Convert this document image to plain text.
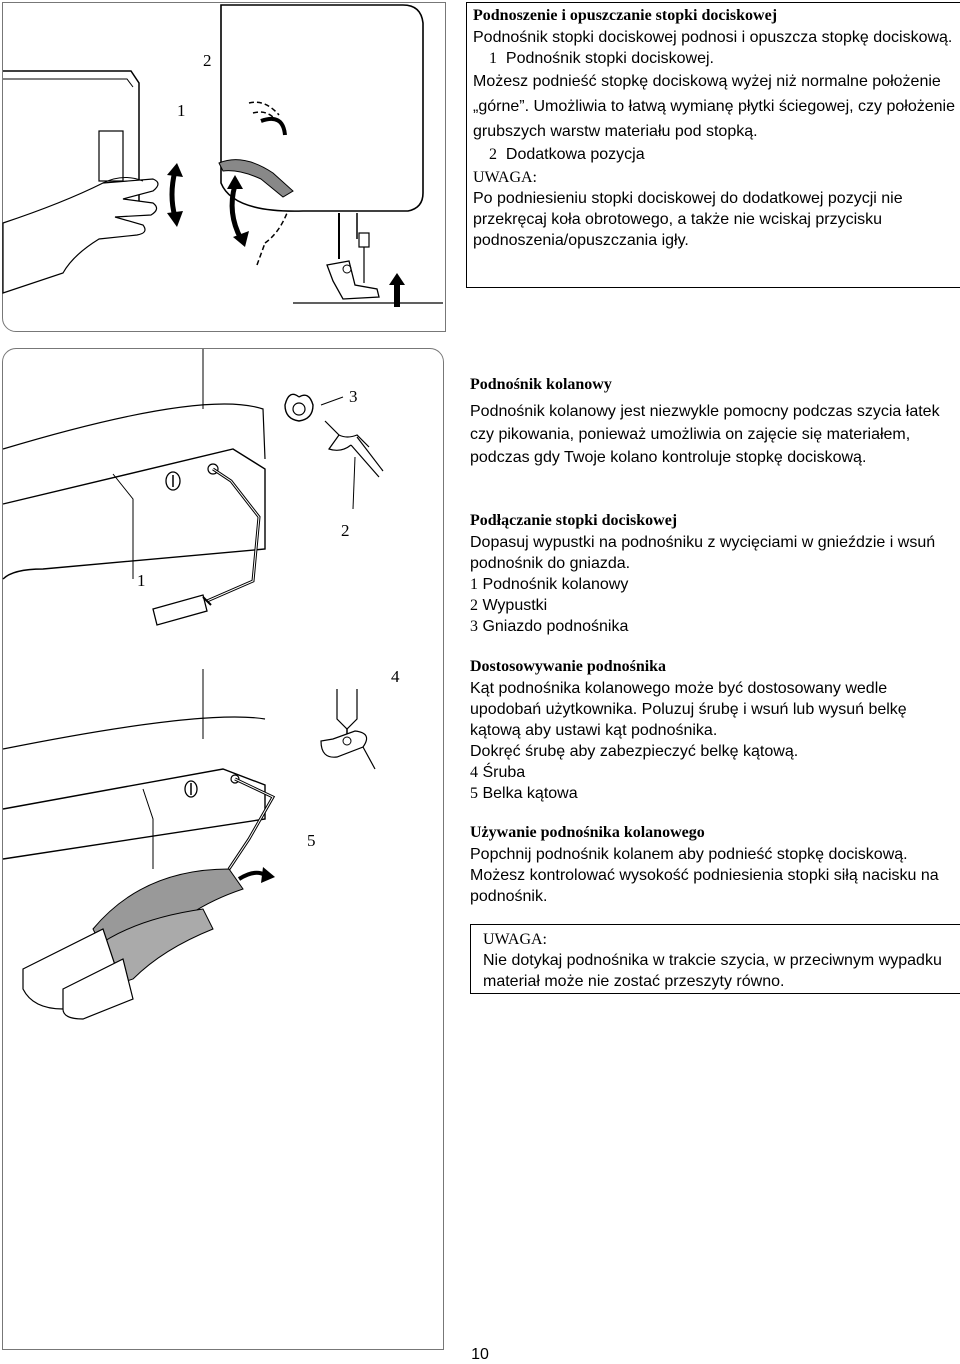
1
2

Podnoszenie i opuszczanie stopki dociskowej

Podnośnik stopki dociskowej podnosi i opuszcza stopkę dociskową.

1 Podnośnik stopki dociskowej.

Możesz podnieść stopkę dociskową wyżej niż normalne położenie „górne”. Umożliwia to łatwą wymianę płytki ściegowej, czy położenie grubszych warstw materiału pod stopką.

2 Dodatkowa pozycja

UWAGA:

Po podniesieniu stopki dociskowej do dodatkowej pozycji nie przekręcaj koła obrotowego, a także nie wciskaj przycisku podnoszenia/opuszczania igły.

1
2
3
4
5

Podnośnik kolanowy

Podnośnik kolanowy jest niezwykle pomocny podczas szycia łatek czy pikowania, ponieważ umożliwia on zajęcie się materiałem, podczas gdy Twoje kolano kontroluje stopkę dociskową.

Podłączanie stopki dociskowej

Dopasuj wypustki na podnośniku z wycięciami w gnieździe i wsuń podnośnik do gniazda.

1 Podnośnik kolanowy

2 Wypustki

3 Gniazdo podnośnika

Dostosowywanie podnośnika

Kąt podnośnika kolanowego może być dostosowany wedle upodobań użytkownika. Poluzuj śrubę i wsuń lub wysuń belkę kątową aby ustawi kąt podnośnika.

Dokręć śrubę aby zabezpieczyć belkę kątową.

4 Śruba

5 Belka kątowa

Używanie podnośnika kolanowego

Popchnij podnośnik kolanem aby podnieść stopkę dociskową. Możesz kontrolować wysokość podniesienia stopki siłą nacisku na podnośnik.

UWAGA:

Nie dotykaj podnośnika w trakcie szycia, w przeciwnym wypadku materiał może nie zostać przeszyty równo.

10
